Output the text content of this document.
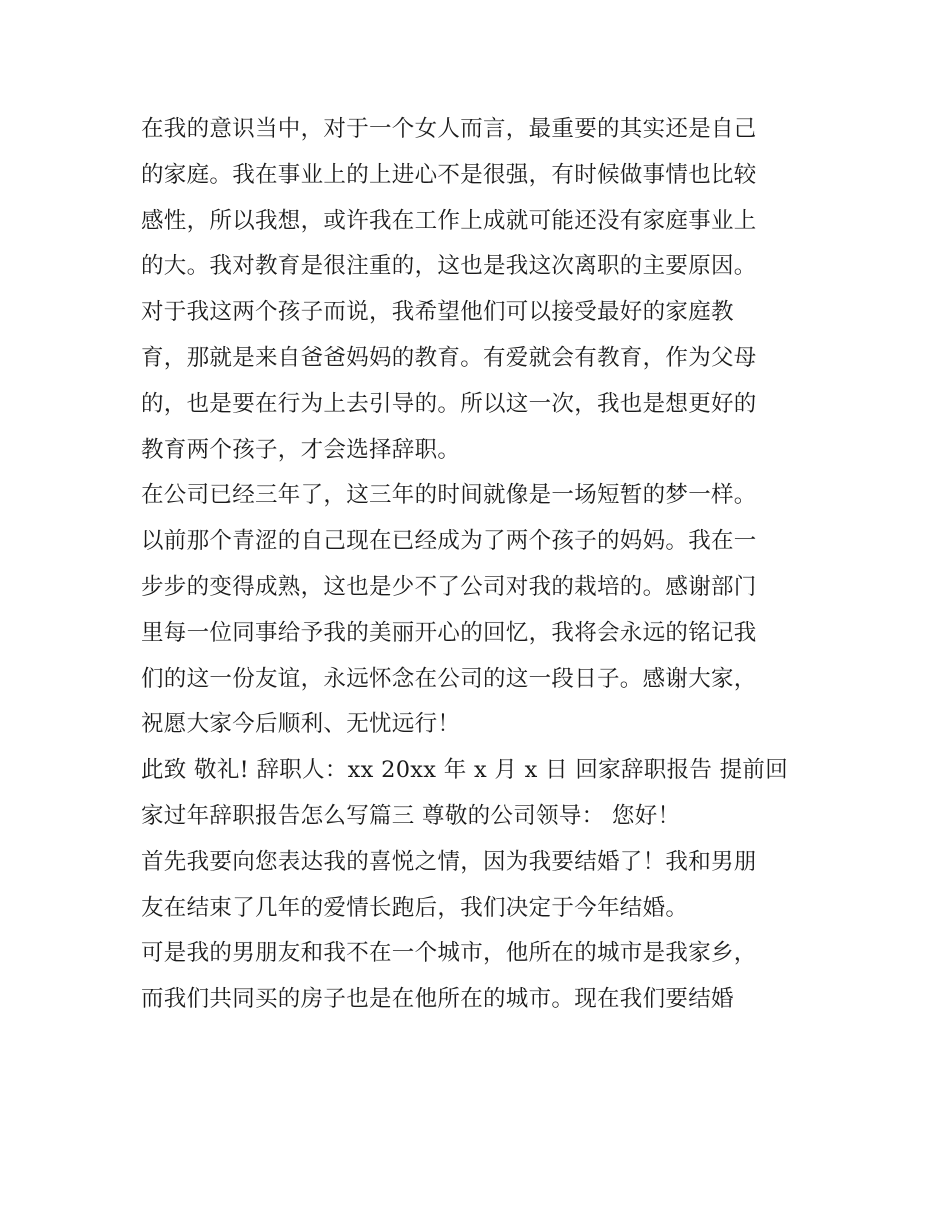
在我的意识当中，对于一个女人而言，最重要的其实还是自己
的家庭。我在事业上的上进心不是很强，有时候做事情也比较
感性，所以我想，或许我在工作上成就可能还没有家庭事业上
的大。我对教育是很注重的，这也是我这次离职的主要原因。
对于我这两个孩子而说，我希望他们可以接受最好的家庭教
育，那就是来自爸爸妈妈的教育。有爱就会有教育，作为父母
的，也是要在行为上去引导的。所以这一次，我也是想更好的
教育两个孩子，才会选择辞职。
在公司已经三年了，这三年的时间就像是一场短暂的梦一样。
以前那个青涩的自己现在已经成为了两个孩子的妈妈。我在一
步步的变得成熟，这也是少不了公司对我的栽培的。感谢部门
里每一位同事给予我的美丽开心的回忆，我将会永远的铭记我
们的这一份友谊，永远怀念在公司的这一段日子。感谢大家，
祝愿大家今后顺利、无忧远行！
此致 敬礼! 辞职人：xx 20xx 年 x 月 x 日 回家辞职报告 提前回
家过年辞职报告怎么写篇三 尊敬的公司领导： 您好！
首先我要向您表达我的喜悦之情，因为我要结婚了！我和男朋
友在结束了几年的爱情长跑后，我们决定于今年结婚。
可是我的男朋友和我不在一个城市，他所在的城市是我家乡，
而我们共同买的房子也是在他所在的城市。现在我们要结婚
